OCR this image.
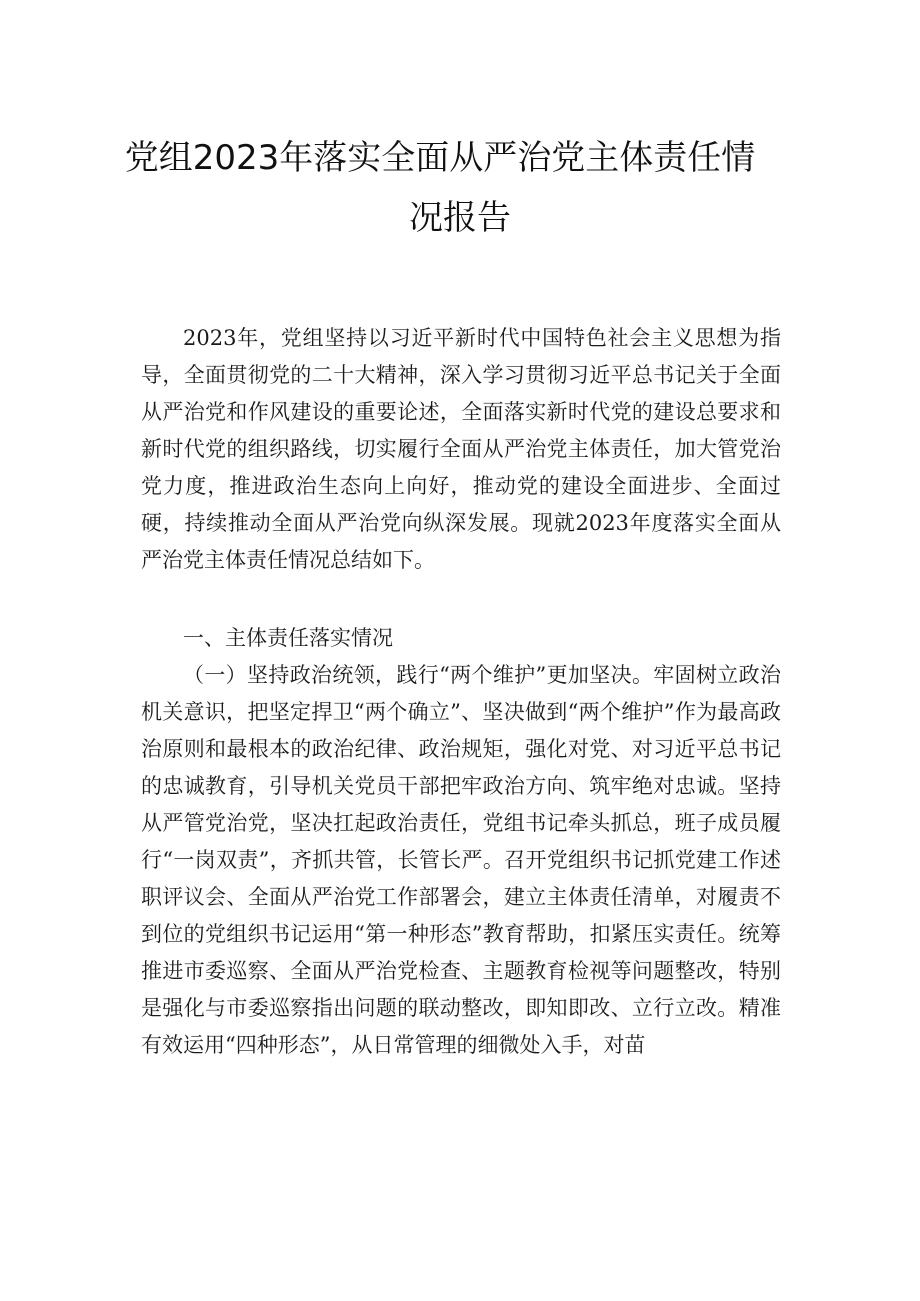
党组2023年落实全面从严治党主体责任情
况报告

2023年，党组坚持以习近平新时代中国特色社会主义思想为指导，全面贯彻党的二十大精神，深入学习贯彻习近平总书记关于全面从严治党和作风建设的重要论述，全面落实新时代党的建设总要求和新时代党的组织路线，切实履行全面从严治党主体责任，加大管党治党力度，推进政治生态向上向好，推动党的建设全面进步、全面过硬，持续推动全面从严治党向纵深发展。现就2023年度落实全面从严治党主体责任情况总结如下。

一、主体责任落实情况

（一）坚持政治统领，践行“两个维护”更加坚决。牢固树立政治机关意识，把坚定捍卫“两个确立”、坚决做到“两个维护”作为最高政治原则和最根本的政治纪律、政治规矩，强化对党、对习近平总书记的忠诚教育，引导机关党员干部把牢政治方向、筑牢绝对忠诚。坚持从严管党治党，坚决扛起政治责任，党组书记牵头抓总，班子成员履行“一岗双责”，齐抓共管，长管长严。召开党组织书记抓党建工作述职评议会、全面从严治党工作部署会，建立主体责任清单，对履责不到位的党组织书记运用“第一种形态”教育帮助，扣紧压实责任。统筹推进市委巡察、全面从严治党检查、主题教育检视等问题整改，特别是强化与市委巡察指出问题的联动整改，即知即改、立行立改。精准有效运用“四种形态”，从日常管理的细微处入手，对苗
